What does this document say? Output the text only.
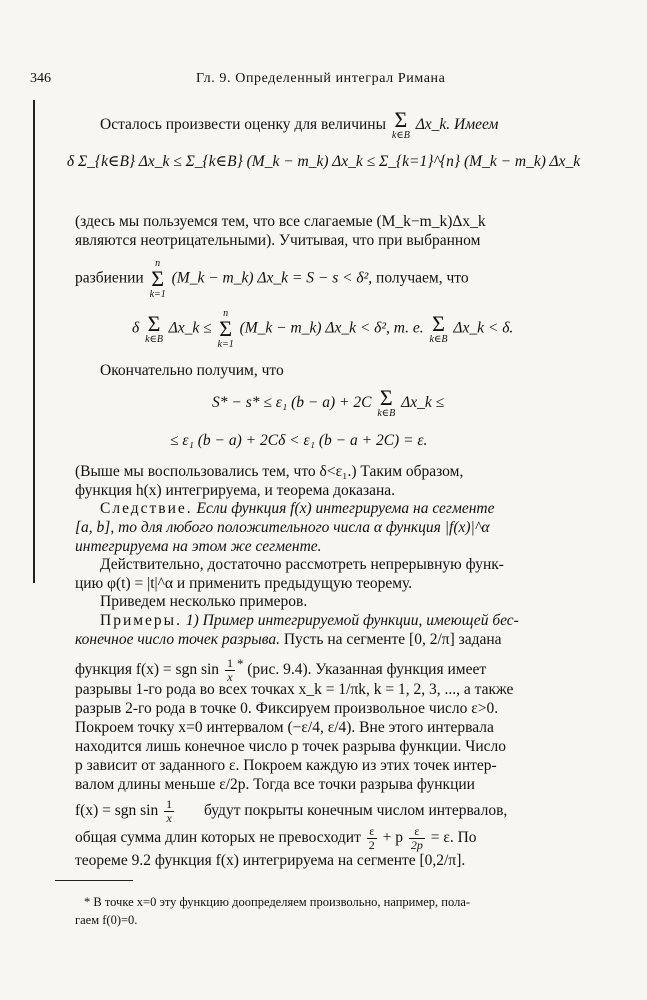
346	Гл. 9. Определенный интеграл Римана
Осталось произвести оценку для величины Σ
k∈B
Δx_k. Имеем
δ Σ_{k∈B} Δx_k ≤ Σ_{k∈B} (M_k − m_k) Δx_k ≤ Σ_{k=1}^{n} (M_k − m_k) Δx_k
(здесь мы пользуемся тем, что все слагаемые (M_k−m_k)Δx_k
являются неотрицательными). Учитывая, что при выбранном
разбиении
n
Σ
k=1
(M_k − m_k) Δx_k = S − s < δ², получаем, что
δ Σ
k∈B
Δx_k ≤
n
Σ
k=1
(M_k − m_k) Δx_k < δ², т. е. Σ
k∈B
Δx_k < δ.
Окончательно получим, что
S* − s* ≤ ε₁ (b − a) + 2C Σ
k∈B
Δx_k ≤
≤ ε₁ (b − a) + 2Cδ < ε₁ (b − a + 2C) = ε.
(Выше мы воспользовались тем, что δ<ε₁.) Таким образом,
функция h(x) интегрируема, и теорема доказана.
Следствие. Если функция f(x) интегрируема на сегменте
[a, b], то для любого положительного числа α функция |f(x)|^α
интегрируема на этом же сегменте.
Действительно, достаточно рассмотреть непрерывную функ-
цию φ(t) = |t|^α и применить предыдущую теорему.
Приведем несколько примеров.
Примеры. 1) Пример интегрируемой функции, имеющей бес-
конечное число точек разрыва. Пусть на сегменте [0, 2/π] задана
функция f(x) = sgn $\sin \frac{1}{x} ^*$ (рис. 9.4). Указанная функция имеет
разрывы 1-го рода во всех точках x_k = 1/πk, k = 1, 2, 3, ..., а также
разрыв 2-го рода в точке 0. Фиксируем произвольное число ε>0.
Покроем точку x=0 интервалом (−ε/4, ε/4). Вне этого интервала
находится лишь конечное число p точек разрыва функции. Число
p зависит от заданного ε. Покроем каждую из этих точек интер-
валом длины меньше ε/2p. Тогда все точки разрыва функции
f(x) = sgn $\sin \frac{1}{x}$ будут покрыты конечным числом интервалов,
общая сумма длин которых не превосходит $\frac{\varepsilon}{2} + p \frac{\varepsilon}{2p} = \varepsilon$. По
теореме 9.2 функция f(x) интегрируема на сегменте [0,2/π].
* В точке x=0 эту функцию доопределяем произвольно, например, пола-
гаем f(0)=0.
